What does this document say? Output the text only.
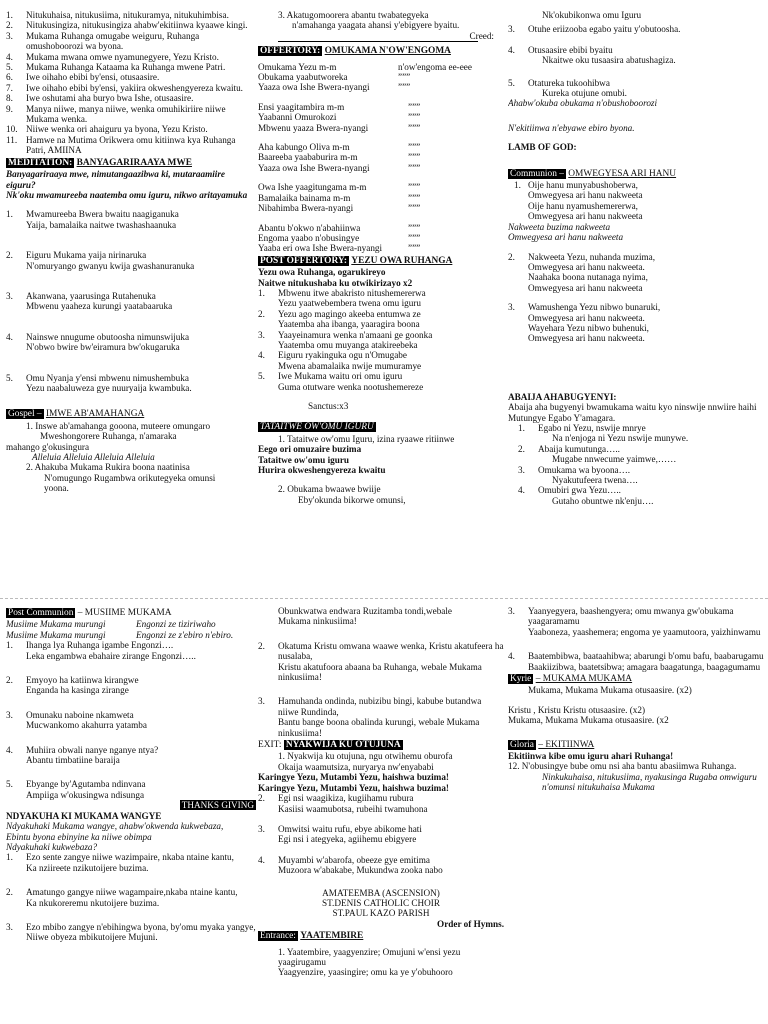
1. Nitukuhaisa, nitukusiima, nitukuramya, nitukuhimbisa.
2. Nitukusingiza, nitukusingiza ahabw'ekitiinwa kyaawe kingi.
3. Mukama Ruhanga omugabe weiguru, Ruhanga omushoboorozi wa byona.
4. Mukama mwana omwe nyamunegyere, Yezu Kristo.
5. Mukama Ruhanga Kataama ka Ruhanga mwene Patri.
6. Iwe oihaho ebibi by'ensi, otusaasire.
7. Iwe oihaho ebibi by'ensi, yakiira okweshengyereza kwaitu.
8. Iwe oshutami aha buryo bwa Ishe, otusaasire.
9. Manya niiwe, manya niiwe, wenka omuhikiriire niiwe Mukama wenka.
10. Niiwe wenka ori ahaiguru ya byona, Yezu Kristo.
11. Hamwe na Mutima Orikwera omu kitiinwa kya Ruhanga Patri, AMIINA
MEDITATION: BANYAGARIRAAYA MWE
Banyagariraaya mwe, nimutangaazibwa ki, mutaraamiire eiguru?
Nk'oku mwamureeba naatemba omu iguru, nikwo aritayamuka
1. Mwamureeba Bwera bwaitu naagiganuka
Yaija, bamalaika naitwe twashashaanuka
2. Eiguru Mukama yaija nirinaruka
N'omuryango gwanyu kwija gwashanuranuka
3. Akanwana, yaarusinga Rutahenuka
Mbwenu yaaheza kurungi yaatabaaruka
4. Nainswe nnugume obutoosha nimunswijuka
N'obwo bwire bw'eiramura bw'okugaruka
5. Omu Nyanja y'ensi mbwenu nimushembuka
Yezu naabaluweza gye nuuryaija kwambuka.
Gospel – IMWE AB'AMAHANGA
1. Inswe ab'amahanga gooona, muteere omungaro
Mweshongorere Ruhanga, n'amaraka
mahango g'okusingura
Alleluia Alleluia Alleluia Alleluia
2. Ahakuba Mukama Rukira boona naatinisa
N'omugungo Rugambwa orikutegyeka omunsi
yoona.
3. Akatugomoorera abantu twabategyeka
n'amahanga yaagata ahansi y'ebigyere byaitu.
Creed:
OFFERTORY: OMUKAMA N'OW'ENGOMA
Omukama Yezu m-m	n'ow'engoma ee-eee
Obukama yaabutworeka	”””
Yaaza owa Ishe Bwera-nyangi	”””
Ensi yaagitambira m-m	”””
Yaabanni Omurokozi	”””
Mbwenu yaaza Bwera-nyangi	”””
Aha kabungo Oliva m-m	”””
Baareeba yaababurira m-m	”””
Yaaza owa Ishe Bwera-nyangi	”””
Owa Ishe yaagitungama m-m	”””
Bamalaika bainama m-m	”””
Nibahimba Bwera-nyangi	”””
Abantu b'okwo n'abahiinwa	”””
Engoma yaabo n'obusingye	”””
Yaaba eri owa Ishe Bwera-nyangi	”””
POST OFFERTORY: YEZU OWA RUHANGA
Yezu owa Ruhanga, ogarukireyo
Naitwe nitukushaba ku otwikirizayo x2
1. Mbwenu itwe abakristo nitushemererwa
Yezu yaatwebembera twena omu iguru
2. Yezu ago magingo akeeba entumwa ze
Yaatemba aha ibanga, yaaragira boona
3. Yaayeinamura wenka n'amaani ge goonka
Yaatemba omu muyanga atakireebeka
4. Eiguru ryakinguka ogu n'Omugabe
Mwena abamalaika nwije mumuramye
5. Iwe Mukama waitu ori omu iguru
Guma otutware wenka nootushemereze
Sanctus:x3
TATAITWE OW'OMU IGURU
1. Tataitwe ow'omu Iguru, izina ryaawe ritiinwe
Eego ori omuzaire buzima
Tataitwe ow'omu iguru
Hurira okweshengyereza kwaitu
2. Obukama bwaawe bwiije
Eby'okunda bikorwe omunsi,
Nk'okubikonwa omu Iguru
3. Otuhe eriizooba egabo yaitu y'obutoosha.
4. Otusaasire ebibi byaitu
Nkaitwe oku tusaasira abatushagiza.
5. Otaturekа tukoohibwa
Kureka otujune omubi.
Ahabw'okuba obukama n'obushoboorozi
N'ekitiinwa n'ebyawe ebiro byona.
LAMB OF GOD:
Communion – OMWEGYESA ARI HANU
1. Oije hanu munyabushoberwa,
Omwegyesa ari hanu nakweeta
Oije hanu nyamushemererwa,
Omwegyesa ari hanu nakweeta
Nakweeta buzima nakweeta
Omwegyesa ari hanu nakweeta
2. Nakweeta Yezu, nuhanda muzima,
Omwegyesa ari hanu nakweeta.
Naahaka boona nutanaga nyima,
Omwegyesa ari hanu nakweeta
3. Wamushenga Yezu nibwo bunaruki,
Omwegyesa ari hanu nakweeta.
Wayehara Yezu nibwo buhenuki,
Omwegyesa ari hanu nakweeta.
ABAIJA AHABUGYENYI:
Abaija aha bugyenyi bwamukama waitu kyo ninswije nnwiire haihi Mutungye Egabo Y'amagara.
1. Egabo ni Yezu, nswije mnrye
Na n'enjoga ni Yezu nswije munywe.
2. Abaija kumutunga…..
Mugabe nnwecume yaimwe,……
3. Omukama wa byoona….
Nyakutufeera twena….
4. Omubiri gwa Yezu…..
Gutaho obuntwe nk'enju….
Post Communion – MUSIIME MUKAMA
Musiime Mukama murungi	Engonzi ze tiziriwaho
Musiime Mukama murungi	Engonzi ze z'ebiro n'ebiro.
1. Ihanga lya Ruhanga igambe Engonzi….
Leka engambwa ebahaire zirange Engonzi…..
2. Emyoyo ha katiinwa kirangwe
Enganda ha kasinga zirange
3. Omunaku naboine nkamweta
Mucwankomo akahurra yatamba
4. Muhiira obwali nanye nganye ntya?
Abantu timbatiine baraija
5. Ebyange by'Agutamba ndinvana
Ampiiga w'okusingwa ndisunga
THANKS GIVING
NDYAKUHA KI MUKAMA WANGYE
Ndyakuhaki Mukama wangye, ahabw'okwenda kukwebaza,
Ebintu byona ebinyine ka niiwe obimpa
Ndyakuhaki kukwebaza?
1. Ezo sente zangye niiwe wazimpaire, nkaba ntaine kantu,
Ka nziireete nzikutoijere buzima.
2. Amatungo gangye niiwe wagampaire,nkaba ntaine kantu,
Ka nkukoreremu nkutoijere buzima.
3. Ezo mbibo zangye n'ebihingwa byona, by'omu myaka yangye,
Niiwe obyeza mbikutoijere Mujuni.
Obunkwatwa endwara Ruzitamba tondi,webale
Mukama ninkusiima!
2. Okatuma Kristu omwana waawe wenka, Kristu akatufeera ha nusalaba,
Kristu akatufoora abaana ba Ruhanga, webale Mukama ninkusiima!
3. Hamuhanda ondinda, nubizibu bingi, kabube butandwa niiwe Rundinda,
Bantu bange boona obalinda kurungi, webale Mukama ninkusiima!
EXIT: NYAKWIJA KU OTUJUNA
1. Nyakwija ku otujuna, ngu otwihemu oburofa
Okaija waamutsiza, nuryarya nw'enyababi
Karingye Yezu, Mutambi Yezu, haishwa buzima!
Karingye Yezu, Mutambi Yezu, haishwa buzima!
2. Egi nsi waagikiza, kugiihamu rubura
Kasiisi waamubotsa, rubeihi twamuhona
3. Omwitsi waitu rufu, ebye abikome hati
Egi nsi i ategyeka, agiihemu ebigyere
4. Muyambi w'abarofa, obeeze gye emitima
Muzoora w'abakabe, Mukundwa zooka nabo
AMATEEMBA (ASCENSION)
ST.DENIS CATHOLIC CHOIR
ST.PAUL KAZO PARISH
Order of Hymns.
Entrance: YAATEMBIRE
1. Yaatembire, yaagyenzire; Omujuni w'ensi yezu yaagirugamu
Yaagyenzire, yaasingire; omu ka ye y'obuhooro
3. Yaanyegyera, baashengyera; omu mwanya gw'obukama yaagaramamu
Yaaboneza, yaashemera; engoma ye yaamutoora, yaizhinwamu
4. Baatembibwa, baataahibwa; abarungi b'omu bafu, baabarugamu
Baakiizibwa, baatetsibwa; amagara baagatunga, baagagumamu
Kyrie – MUKAMA MUKAMA
Mukama, Mukama Mukama otusaasire. (x2)
Kristu , Kristu Kristu otusaasire. (x2)
Mukama, Mukama Mukama otusaasire. (x2
Gloria – EKITIINWA
Ekitiinwa kibe omu iguru ahari Ruhanga!
12. N'obusingye bube omu nsi aha bantu abasiimwa Ruhanga.
Ninkukuhaisa, nitukusiima, nyakusinga Rugaba omwiguru n'omunsi nitukuhaisa Mukama
